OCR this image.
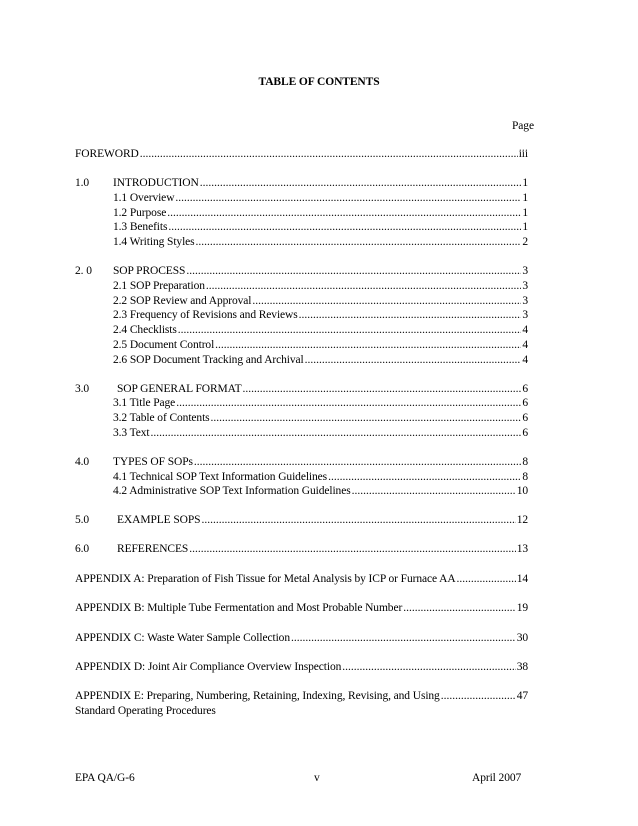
TABLE OF CONTENTS
Page
FOREWORD .....	iii
1.0 INTRODUCTION .....	1
1.1 Overview .....	1
1.2 Purpose .....	1
1.3 Benefits .....	1
1.4 Writing Styles .....	2
2. 0 SOP PROCESS .....	3
2.1 SOP Preparation .....	3
2.2 SOP Review and Approval .....	3
2.3 Frequency of Revisions and Reviews .....	3
2.4 Checklists .....	4
2.5 Document Control .....	4
2.6 SOP Document Tracking and Archival .....	4
3.0 SOP GENERAL FORMAT .....	6
3.1 Title Page .....	6
3.2 Table of Contents .....	6
3.3 Text .....	6
4.0 TYPES OF SOPs .....	8
4.1 Technical SOP Text Information Guidelines .....	8
4.2 Administrative SOP Text Information Guidelines .....	10
5.0 EXAMPLE SOPS .....	12
6.0 REFERENCES .....	13
APPENDIX A: Preparation of Fish Tissue for Metal Analysis by ICP or Furnace AA .....	14
APPENDIX B: Multiple Tube Fermentation and Most Probable Number .....	19
APPENDIX C: Waste Water Sample Collection .....	30
APPENDIX D: Joint Air Compliance Overview Inspection .....	38
APPENDIX E: Preparing, Numbering, Retaining, Indexing, Revising, and Using .....	47
Standard Operating Procedures
EPA QA/G-6	v	April 2007
